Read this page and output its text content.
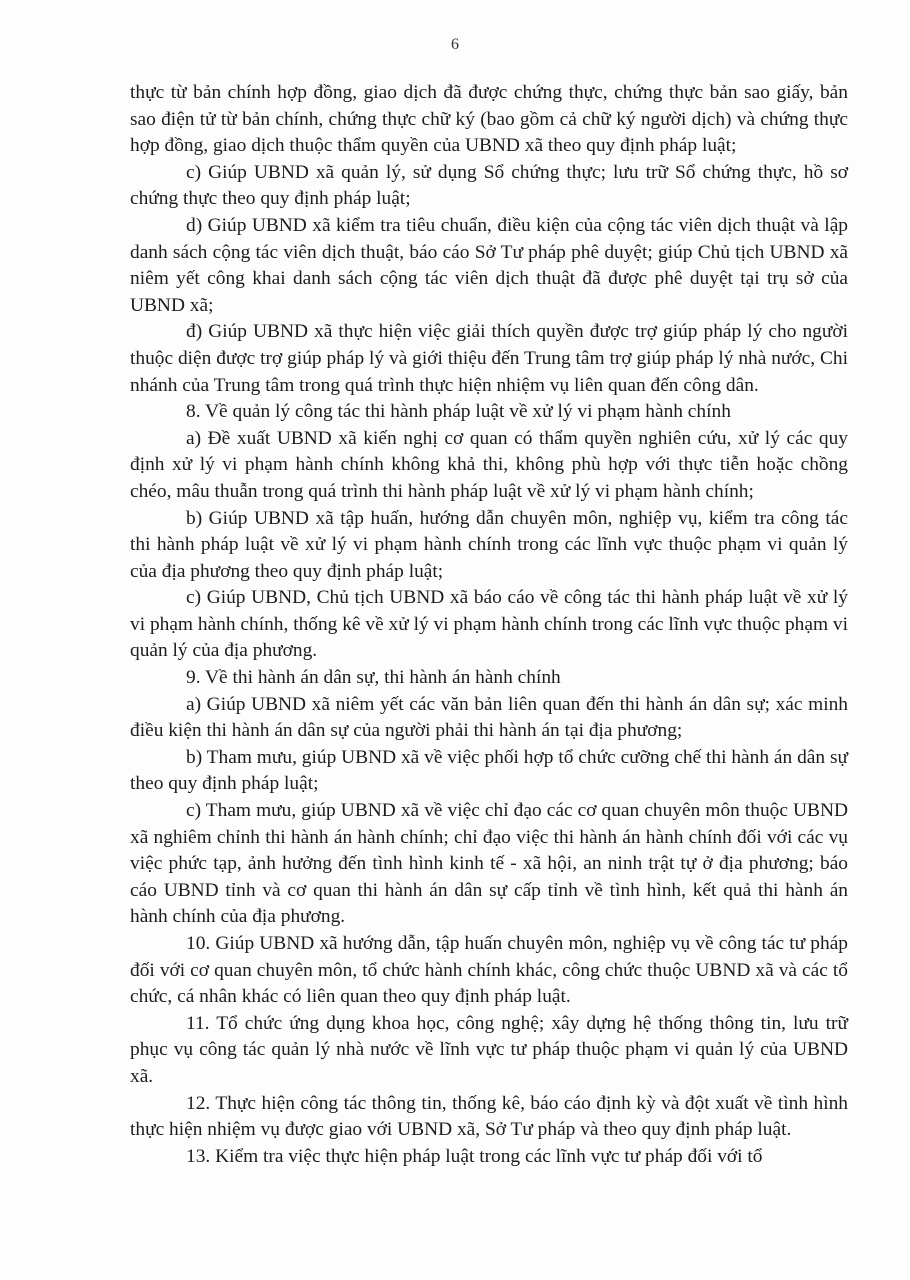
6

thực từ bản chính hợp đồng, giao dịch đã được chứng thực, chứng thực bản sao giấy, bản sao điện tử từ bản chính, chứng thực chữ ký (bao gồm cả chữ ký người dịch) và chứng thực hợp đồng, giao dịch thuộc thẩm quyền của UBND xã theo quy định pháp luật;

c) Giúp UBND xã quản lý, sử dụng Sổ chứng thực; lưu trữ Sổ chứng thực, hồ sơ chứng thực theo quy định pháp luật;

d) Giúp UBND xã kiểm tra tiêu chuẩn, điều kiện của cộng tác viên dịch thuật và lập danh sách cộng tác viên dịch thuật, báo cáo Sở Tư pháp phê duyệt; giúp Chủ tịch UBND xã niêm yết công khai danh sách cộng tác viên dịch thuật đã được phê duyệt tại trụ sở của UBND xã;

đ) Giúp UBND xã thực hiện việc giải thích quyền được trợ giúp pháp lý cho người thuộc diện được trợ giúp pháp lý và giới thiệu đến Trung tâm trợ giúp pháp lý nhà nước, Chi nhánh của Trung tâm trong quá trình thực hiện nhiệm vụ liên quan đến công dân.

8. Về quản lý công tác thi hành pháp luật về xử lý vi phạm hành chính

a) Đề xuất UBND xã kiến nghị cơ quan có thẩm quyền nghiên cứu, xử lý các quy định xử lý vi phạm hành chính không khả thi, không phù hợp với thực tiễn hoặc chồng chéo, mâu thuẫn trong quá trình thi hành pháp luật về xử lý vi phạm hành chính;

b) Giúp UBND xã tập huấn, hướng dẫn chuyên môn, nghiệp vụ, kiểm tra công tác thi hành pháp luật về xử lý vi phạm hành chính trong các lĩnh vực thuộc phạm vi quản lý của địa phương theo quy định pháp luật;

c) Giúp UBND, Chủ tịch UBND xã báo cáo về công tác thi hành pháp luật về xử lý vi phạm hành chính, thống kê về xử lý vi phạm hành chính trong các lĩnh vực thuộc phạm vi quản lý của địa phương.

9. Về thi hành án dân sự, thi hành án hành chính

a) Giúp UBND xã niêm yết các văn bản liên quan đến thi hành án dân sự; xác minh điều kiện thi hành án dân sự của người phải thi hành án tại địa phương;

b) Tham mưu, giúp UBND xã về việc phối hợp tổ chức cưỡng chế thi hành án dân sự theo quy định pháp luật;

c) Tham mưu, giúp UBND xã về việc chỉ đạo các cơ quan chuyên môn thuộc UBND xã nghiêm chỉnh thi hành án hành chính; chỉ đạo việc thi hành án hành chính đối với các vụ việc phức tạp, ảnh hưởng đến tình hình kinh tế - xã hội, an ninh trật tự ở địa phương; báo cáo UBND tỉnh và cơ quan thi hành án dân sự cấp tỉnh về tình hình, kết quả thi hành án hành chính của địa phương.

10. Giúp UBND xã hướng dẫn, tập huấn chuyên môn, nghiệp vụ về công tác tư pháp đối với cơ quan chuyên môn, tổ chức hành chính khác, công chức thuộc UBND xã và các tổ chức, cá nhân khác có liên quan theo quy định pháp luật.

11. Tổ chức ứng dụng khoa học, công nghệ; xây dựng hệ thống thông tin, lưu trữ phục vụ công tác quản lý nhà nước về lĩnh vực tư pháp thuộc phạm vi quản lý của UBND xã.

12. Thực hiện công tác thông tin, thống kê, báo cáo định kỳ và đột xuất về tình hình thực hiện nhiệm vụ được giao với UBND xã, Sở Tư pháp và theo quy định pháp luật.

13. Kiểm tra việc thực hiện pháp luật trong các lĩnh vực tư pháp đối với tổ
